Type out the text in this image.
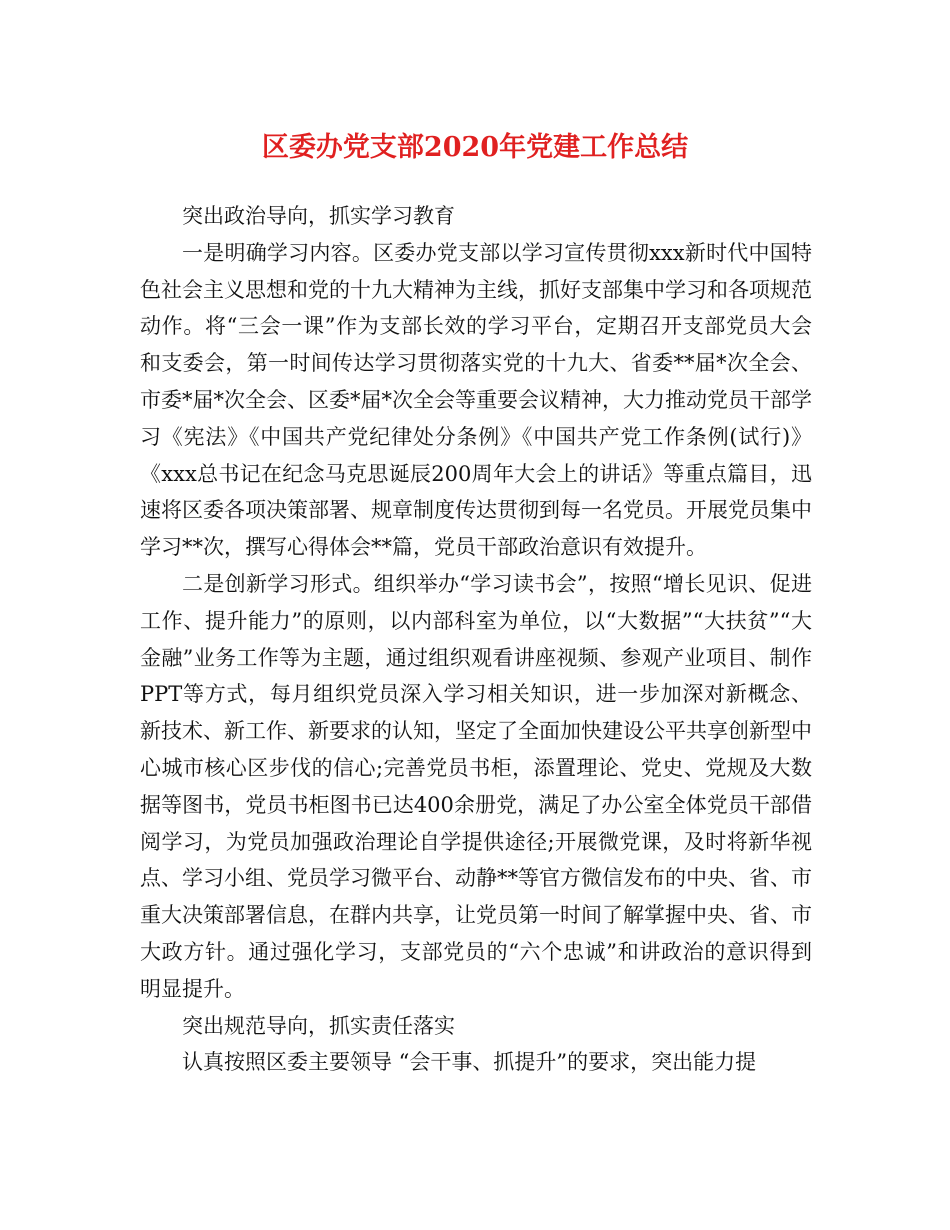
区委办党支部2020年党建工作总结

突出政治导向，抓实学习教育

一是明确学习内容。区委办党支部以学习宣传贯彻xxx新时代中国特色社会主义思想和党的十九大精神为主线，抓好支部集中学习和各项规范动作。将“三会一课”作为支部长效的学习平台，定期召开支部党员大会和支委会，第一时间传达学习贯彻落实党的十九大、省委**届*次全会、市委*届*次全会、区委*届*次全会等重要会议精神，大力推动党员干部学习《宪法》《中国共产党纪律处分条例》《中国共产党工作条例(试行)》《xxx总书记在纪念马克思诞辰200周年大会上的讲话》等重点篇目，迅速将区委各项决策部署、规章制度传达贯彻到每一名党员。开展党员集中学习**次，撰写心得体会**篇，党员干部政治意识有效提升。

二是创新学习形式。组织举办“学习读书会”，按照“增长见识、促进工作、提升能力”的原则，以内部科室为单位，以“大数据”“大扶贫”“大金融”业务工作等为主题，通过组织观看讲座视频、参观产业项目、制作PPT等方式，每月组织党员深入学习相关知识，进一步加深对新概念、新技术、新工作、新要求的认知，坚定了全面加快建设公平共享创新型中心城市核心区步伐的信心;完善党员书柜，添置理论、党史、党规及大数据等图书，党员书柜图书已达400余册党，满足了办公室全体党员干部借阅学习，为党员加强政治理论自学提供途径;开展微党课，及时将新华视点、学习小组、党员学习微平台、动静**等官方微信发布的中央、省、市重大决策部署信息，在群内共享，让党员第一时间了解掌握中央、省、市大政方针。通过强化学习，支部党员的“六个忠诚”和讲政治的意识得到明显提升。

突出规范导向，抓实责任落实

认真按照区委主要领导 “会干事、抓提升”的要求，突出能力提
